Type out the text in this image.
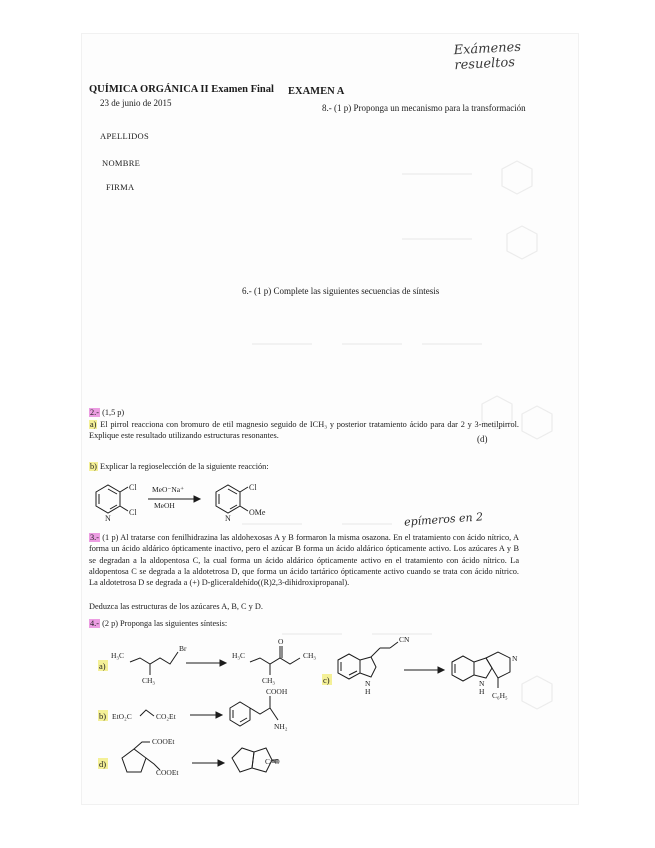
6.- (1 p) Complete las siguientes secuencias de síntesis
8.- (1 p) Proponga un mecanismo para la transformación
(d)
Exámenes resueltos
QUÍMICA ORGÁNICA II Examen Final EXAMEN A
23 de junio de 2015
APELLIDOS
NOMBRE
FIRMA
2.- (1,5 p)
a) El pirrol reacciona con bromuro de etil magnesio seguido de ICH₃ y posterior tratamiento ácido para dar 2 y 3-metilpirrol. Explique este resultado utilizando estructuras resonantes.
b) Explicar la regioselección de la siguiente reacción:
Cl
N
Cl
MeO⁻Na⁺
MeOH
Cl
N
OMe	epímeros en 2
3.- (1 p) Al tratarse con fenilhidrazina las aldohexosas A y B formaron la misma osazona. En el tratamiento con ácido nítrico, A forma un ácido aldárico ópticamente inactivo, pero el azúcar B forma un ácido aldárico ópticamente activo. Los azúcares A y B se degradan a la aldopentosa C, la cual forma un ácido aldárico ópticamente activo en el tratamiento con ácido nítrico. La aldopentosa C se degrada a la aldotetrosa D, que forma un ácido tartárico ópticamente activo cuando se trata con ácido nítrico. La aldotetrosa D se degrada a (+) D-gliceraldehído((R)2,3-dihidroxipropanal).
Deduzca las estructuras de los azúcares A, B, C y D.
4.- (2 p) Proponga las siguientes síntesis:
a)
H₃C
Br
CH₃
H₃C	CH₃
CH₃
O
c)
CN
N
H
N
N
H C₆H₅
b) EtO₂C	CO₂Et
COOH
NH₂
d)
COOEt
COOEt
C=O
